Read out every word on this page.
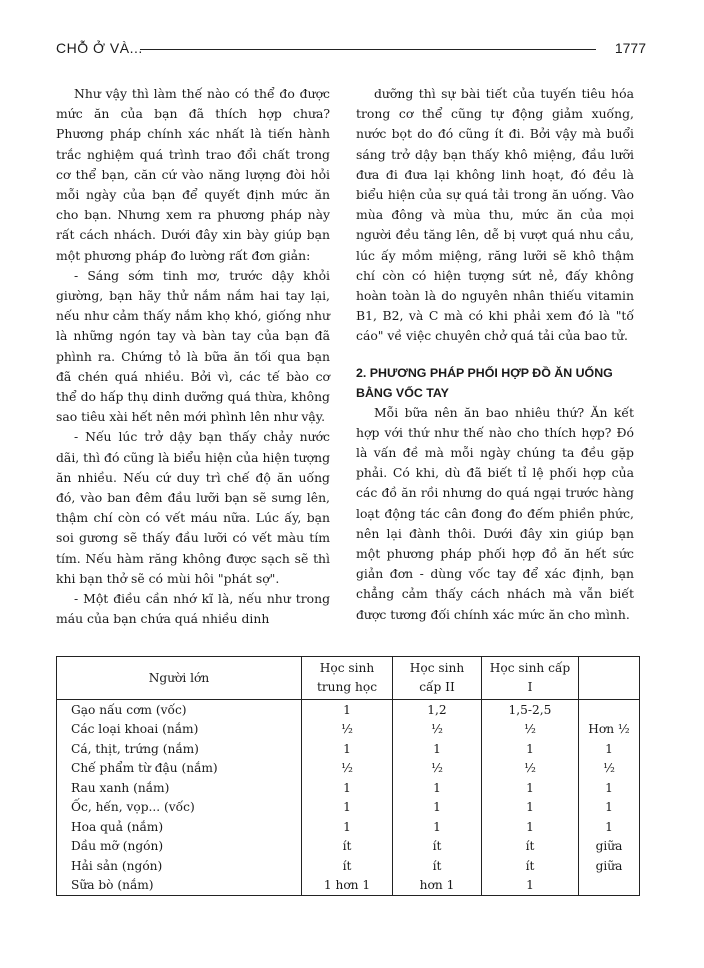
CHỖ Ở VÀ...	1777

Như vậy thì làm thế nào có thể đo được mức ăn của bạn đã thích hợp chưa? Phương pháp chính xác nhất là tiến hành trắc nghiệm quá trình trao đổi chất trong cơ thể bạn, căn cứ vào năng lượng đòi hỏi mỗi ngày của bạn để quyết định mức ăn cho bạn. Nhưng xem ra phương pháp này rất cách nhách. Dưới đây xin bày giúp bạn một phương pháp đo lường rất đơn giản:

- Sáng sớm tinh mơ, trước dậy khỏi giường, bạn hãy thử nắm nắm hai tay lại, nếu như cảm thấy nắm khọ khó, giống như là những ngón tay và bàn tay của bạn đã phình ra. Chứng tỏ là bữa ăn tối qua bạn đã chén quá nhiều. Bởi vì, các tế bào cơ thể do hấp thụ dinh dưỡng quá thừa, không sao tiêu xài hết nên mới phình lên như vậy.

- Nếu lúc trở dậy bạn thấy chảy nước dãi, thì đó cũng là biểu hiện của hiện tượng ăn nhiều. Nếu cứ duy trì chế độ ăn uống đó, vào ban đêm đầu lưỡi bạn sẽ sưng lên, thậm chí còn có vết máu nữa. Lúc ấy, bạn soi gương sẽ thấy đầu lưỡi có vết màu tím tím. Nếu hàm răng không được sạch sẽ thì khi bạn thở sẽ có mùi hôi "phát sợ".

- Một điều cần nhớ kĩ là, nếu như trong máu của bạn chứa quá nhiều dinh

dưỡng thì sự bài tiết của tuyến tiêu hóa trong cơ thể cũng tự động giảm xuống, nước bọt do đó cũng ít đi. Bởi vậy mà buổi sáng trở dậy bạn thấy khô miệng, đầu lưỡi đưa đi đưa lại không linh hoạt, đó đều là biểu hiện của sự quá tải trong ăn uống. Vào mùa đông và mùa thu, mức ăn của mọi người đều tăng lên, dễ bị vượt quá nhu cầu, lúc ấy mồm miệng, răng lưỡi sẽ khô thậm chí còn có hiện tượng sứt nẻ, đấy không hoàn toàn là do nguyên nhân thiếu vitamin B1, B2, và C mà có khi phải xem đó là "tố cáo" về việc chuyên chở quá tải của bao tử.

2. PHƯƠNG PHÁP PHỐI HỢP ĐỒ ĂN UỐNG BẰNG VỐC TAY

Mỗi bữa nên ăn bao nhiêu thứ? Ăn kết hợp với thứ như thế nào cho thích hợp? Đó là vấn đề mà mỗi ngày chúng ta đều gặp phải. Có khi, dù đã biết tỉ lệ phối hợp của các đồ ăn rồi nhưng do quá ngại trước hàng loạt động tác cân đong đo đếm phiền phức, nên lại đành thôi. Dưới đây xin giúp bạn một phương pháp phối hợp đồ ăn hết sức giản đơn - dùng vốc tay để xác định, bạn chẳng cảm thấy cách nhách mà vẫn biết được tương đối chính xác mức ăn cho mình.

Người lớn	Học sinh trung học	Học sinh cấp II	Học sinh cấp I	
Gạo nấu cơm (vốc)	1	1,2	1,5-2,5	
Các loại khoai (nắm)	½	½	½	Hơn ½
Cá, thịt, trứng (nắm)	1	1	1	1
Chế phẩm từ đậu (nắm)	½	½	½	½
Rau xanh (nắm)	1	1	1	1
Ốc, hến, vọp... (vốc)	1	1	1	1
Hoa quả (nắm)	1	1	1	1
Dầu mỡ (ngón)	ít	ít	ít	giữa
Hải sản (ngón)	ít	ít	ít	giữa
Sữa bò (nắm)	1 hơn 1	hơn 1	1	
